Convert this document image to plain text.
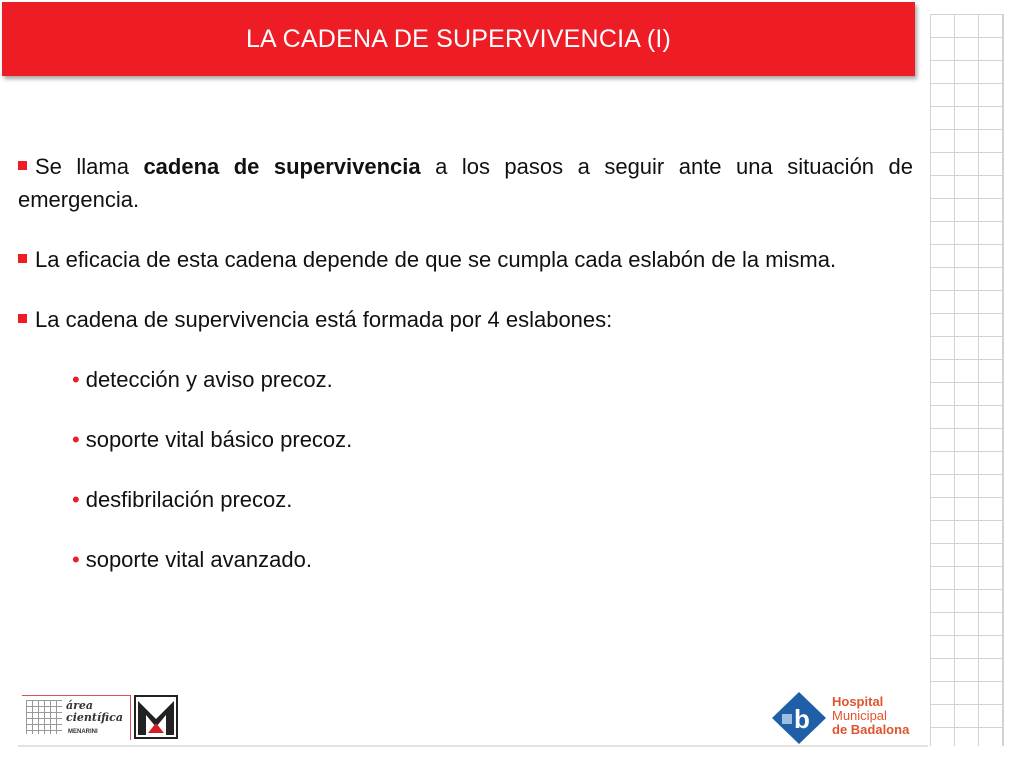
LA CADENA DE SUPERVIVENCIA (I)

Se llama cadena de supervivencia a los pasos a seguir ante una situación de emergencia.

La eficacia de esta cadena depende de que se cumpla cada eslabón de la misma.

La cadena de supervivencia está formada por 4 eslabones:

• detección y aviso precoz.

• soporte vital básico precoz.

• desfibrilación precoz.

• soporte vital avanzado.

área
científica
MENARINI	b
Hospital
Municipal
de Badalona
